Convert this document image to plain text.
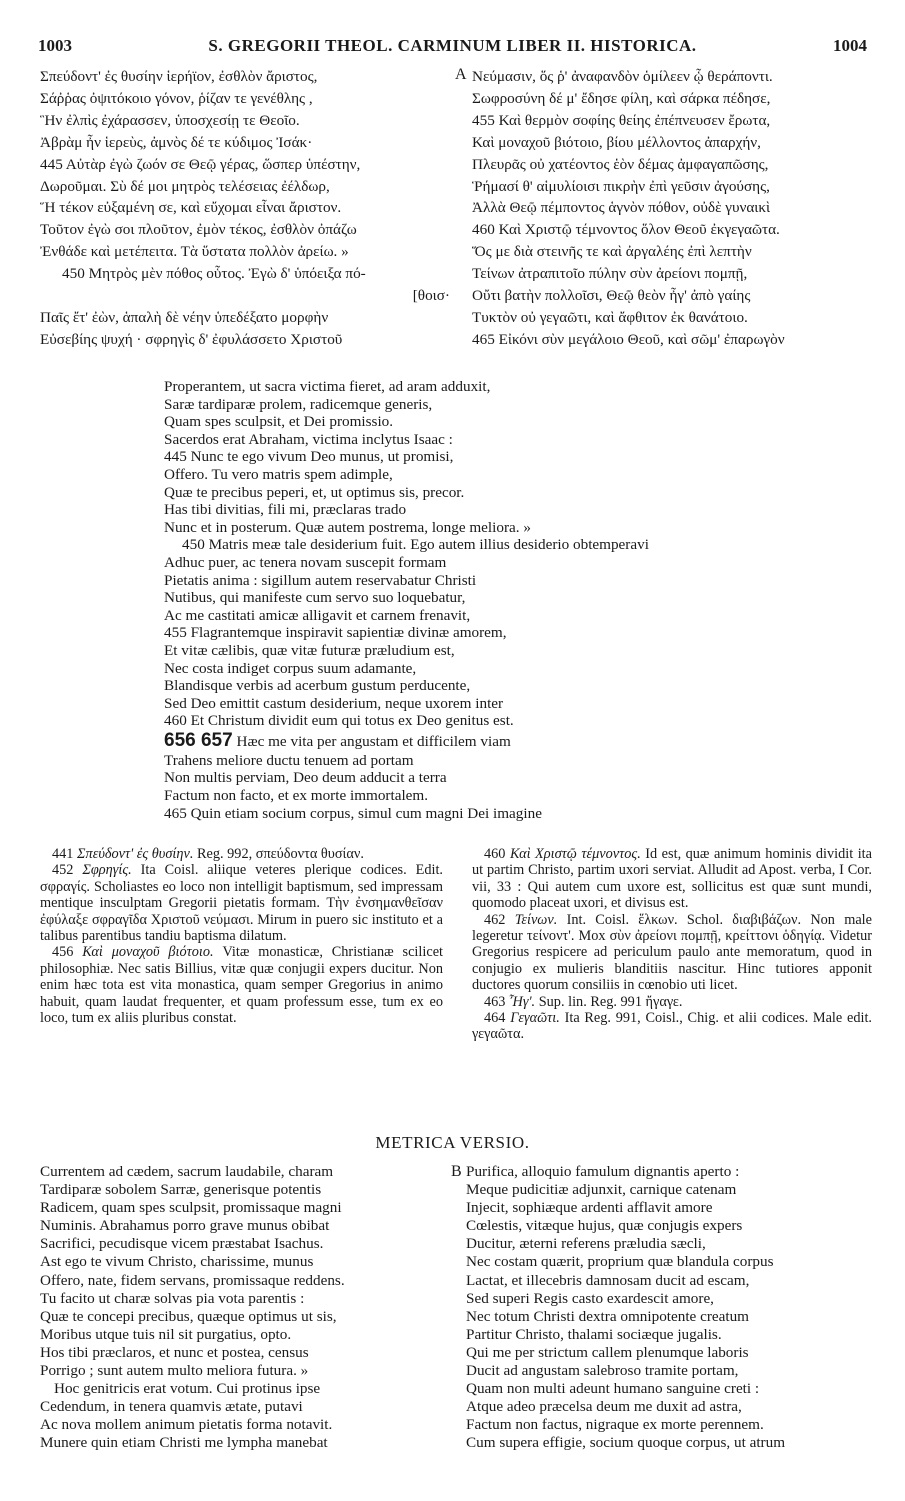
1003	S. GREGORII THEOL. CARMINUM LIBER II. HISTORICA.	1004
Σπεύδοντ' ἐς θυσίην ἱερήϊον, ἐσθλὸν ἄριστος,
Σάῤῥας ὀψιτόκοιο γόνον, ῥίζαν τε γενέθλης ,
Ἣν ἐλπὶς ἐχάρασσεν, ὑποσχεσίῃ τε Θεοῖο.
Ἀβρὰμ ἦν ἱερεὺς, ἀμνὸς δέ τε κύδιμος Ἰσάκ·
445 Αὐτὰρ ἐγὼ ζωόν σε Θεῷ γέρας, ὥσπερ ὑπέστην,
Δωροῦμαι. Σὺ δέ μοι μητρὸς τελέσειας ἐέλδωρ,
Ἥ τέκον εὐξαμένη σε, καὶ εὔχομαι εἶναι ἄριστον.
Τοῦτον ἐγὼ σοι πλοῦτον, ἐμὸν τέκος, ἐσθλὸν ὀπάζω
Ἐνθάδε καὶ μετέπειτα. Τὰ ὕστατα πολλὸν ἀρείω. »
450 Μητρὸς μὲν πόθος οὗτος. Ἐγὼ δ' ὑπόειξα πό-
[θοισ·
Παῖς ἔτ' ἐὼν, ἁπαλὴ δὲ νέην ὑπεδέξατο μορφὴν
Εὐσεβίης ψυχή · σφρηγὶς δ' ἐφυλάσσετο Χριστοῦ
A Νεύμασιν, ὅς ῥ' ἀναφανδὸν ὁμίλεεν ᾧ θεράποντι.
Σωφροσύνη δέ μ' ἔδησε φίλη, καὶ σάρκα πέδησε,
455 Καὶ θερμὸν σοφίης θείης ἐπέπνευσεν ἔρωτα,
Καὶ μοναχοῦ βιότοιο, βίου μέλλοντος ἀπαρχήν,
Πλευρᾶς οὐ χατέοντος ἑὸν δέμας ἀμφαγαπῶσης,
Ῥήμασί θ' αἱμυλίοισι πικρὴν ἐπὶ γεῦσιν ἀγούσης,
Ἀλλὰ Θεῷ πέμποντος ἁγνὸν πόθον, οὐδὲ γυναικὶ
460 Καὶ Χριστῷ τέμνοντος ὅλον Θεοῦ ἐκγεγαῶτα.
Ὅς με διὰ στεινῆς τε καὶ ἀργαλέης ἐπὶ λεπτὴν
Τείνων ἀτραπιτοῖο πύλην σὺν ἀρείονι πομπῇ,
Οὔτι βατὴν πολλοῖσι, Θεῷ θεὸν ἦγ' ἀπὸ γαίης
Τυκτὸν οὐ γεγαῶτι, καὶ ἄφθιτον ἐκ θανάτοιο.
465 Εἰκόνι σὺν μεγάλοιο Θεοῦ, καὶ σῶμ' ἐπαρωγὸν
Properantem, ut sacra victima fieret, ad aram adduxit,
Saræ tardiparæ prolem, radicemque generis,
Quam spes sculpsit, et Dei promissio.
Sacerdos erat Abraham, victima inclytus Isaac :
445 Nunc te ego vivum Deo munus, ut promisi,
Offero. Tu vero matris spem adimple,
Quæ te precibus peperi, et, ut optimus sis, precor.
Has tibi divitias, fili mi, præclaras trado
Nunc et in posterum. Quæ autem postrema, longe meliora. »
450 Matris meæ tale desiderium fuit. Ego autem illius desiderio obtemperavi
Adhuc puer, ac tenera novam suscepit formam
Pietatis anima : sigillum autem reservabatur Christi
Nutibus, qui manifeste cum servo suo loquebatur,
Ac me castitati amicæ alligavit et carnem frenavit,
455 Flagrantemque inspiravit sapientiæ divinæ amorem,
Et vitæ cælibis, quæ vitæ futuræ præludium est,
Nec costa indiget corpus suum adamante,
Blandisque verbis ad acerbum gustum perducente,
Sed Deo emittit castum desiderium, neque uxorem inter
460 Et Christum dividit eum qui totus ex Deo genitus est.
656 657 Hæc me vita per angustam et difficilem viam
Trahens meliore ductu tenuem ad portam
Non multis perviam, Deo deum adducit a terra
Factum non facto, et ex morte immortalem.
465 Quin etiam socium corpus, simul cum magni Dei imagine

441 Σπεύδοντ' ἐς θυσίην. Reg. 992, σπεύδοντα θυσίαν.

452 Σφρηγίς. Ita Coisl. aliique veteres plerique codices. Edit. σφραγίς. Scholiastes eo loco non intelligit baptismum, sed impressam mentique insculptam Gregorii pietatis formam. Τὴν ἐνσημανθεῖσαν ἐφύλαξε σφραγῖδα Χριστοῦ νεύμασι. Mirum in puero sic instituto et a talibus parentibus tandiu baptisma dilatum.

456 Καὶ μοναχοῦ βιότοιο. Vitæ monasticæ, Christianæ scilicet philosophiæ. Nec satis Billius, vitæ quæ conjugii expers ducitur. Non enim hæc tota est vita monastica, quam semper Gregorius in animo habuit, quam laudat frequenter, et quam professum esse, tum ex eo loco, tum ex aliis pluribus constat.

460 Καὶ Χριστῷ τέμνοντος. Id est, quæ animum hominis dividit ita ut partim Christo, partim uxori serviat. Alludit ad Apost. verba, I Cor. vii, 33 : Qui autem cum uxore est, sollicitus est quæ sunt mundi, quomodo placeat uxori, et divisus est.

462 Τείνων. Int. Coisl. ἕλκων. Schol. διαβιβάζων. Non male legeretur τείνοντ'. Mox σὺν ἀρείονι πομπῇ, κρείττονι ὁδηγίᾳ. Videtur Gregorius respicere ad periculum paulo ante memoratum, quod in conjugio ex mulieris blanditiis nascitur. Hinc tutiores apponit ductores quorum consiliis in cœnobio uti licet.

463 Ἦγ'. Sup. lin. Reg. 991 ἤγαγε.

464 Γεγαῶτι. Ita Reg. 991, Coisl., Chig. et alii codices. Male edit. γεγαῶτα.

METRICA VERSIO.
Currentem ad cædem, sacrum laudabile, charam
Tardiparæ sobolem Sarræ, generisque potentis
Radicem, quam spes sculpsit, promissaque magni
Numinis. Abrahamus porro grave munus obibat
Sacrifici, pecudisque vicem præstabat Isachus.
Ast ego te vivum Christo, charissime, munus
Offero, nate, fidem servans, promissaque reddens.
Tu facito ut charæ solvas pia vota parentis :
Quæ te concepi precibus, quæque optimus ut sis,
Moribus utque tuis nil sit purgatius, opto.
Hos tibi præclaros, et nunc et postea, census
Porrigo ; sunt autem multo meliora futura. »
Hoc genitricis erat votum. Cui protinus ipse
Cedendum, in tenera quamvis ætate, putavi
Ac nova mollem animum pietatis forma notavit.
Munere quin etiam Christi me lympha manebat
B Purifica, alloquio famulum dignantis aperto :
Meque pudicitiæ adjunxit, carnique catenam
Injecit, sophiæque ardenti afflavit amore
Cœlestis, vitæque hujus, quæ conjugis expers
Ducitur, æterni referens præludia sæcli,
Nec costam quærit, proprium quæ blandula corpus
Lactat, et illecebris damnosam ducit ad escam,
Sed superi Regis casto exardescit amore,
Nec totum Christi dextra omnipotente creatum
Partitur Christo, thalami sociæque jugalis.
Qui me per strictum callem plenumque laboris
Ducit ad angustam salebroso tramite portam,
Quam non multi adeunt humano sanguine creti :
Atque adeo præcelsa deum me duxit ad astra,
Factum non factus, nigraque ex morte perennem.
Cum supera effigie, socium quoque corpus, ut atrum
